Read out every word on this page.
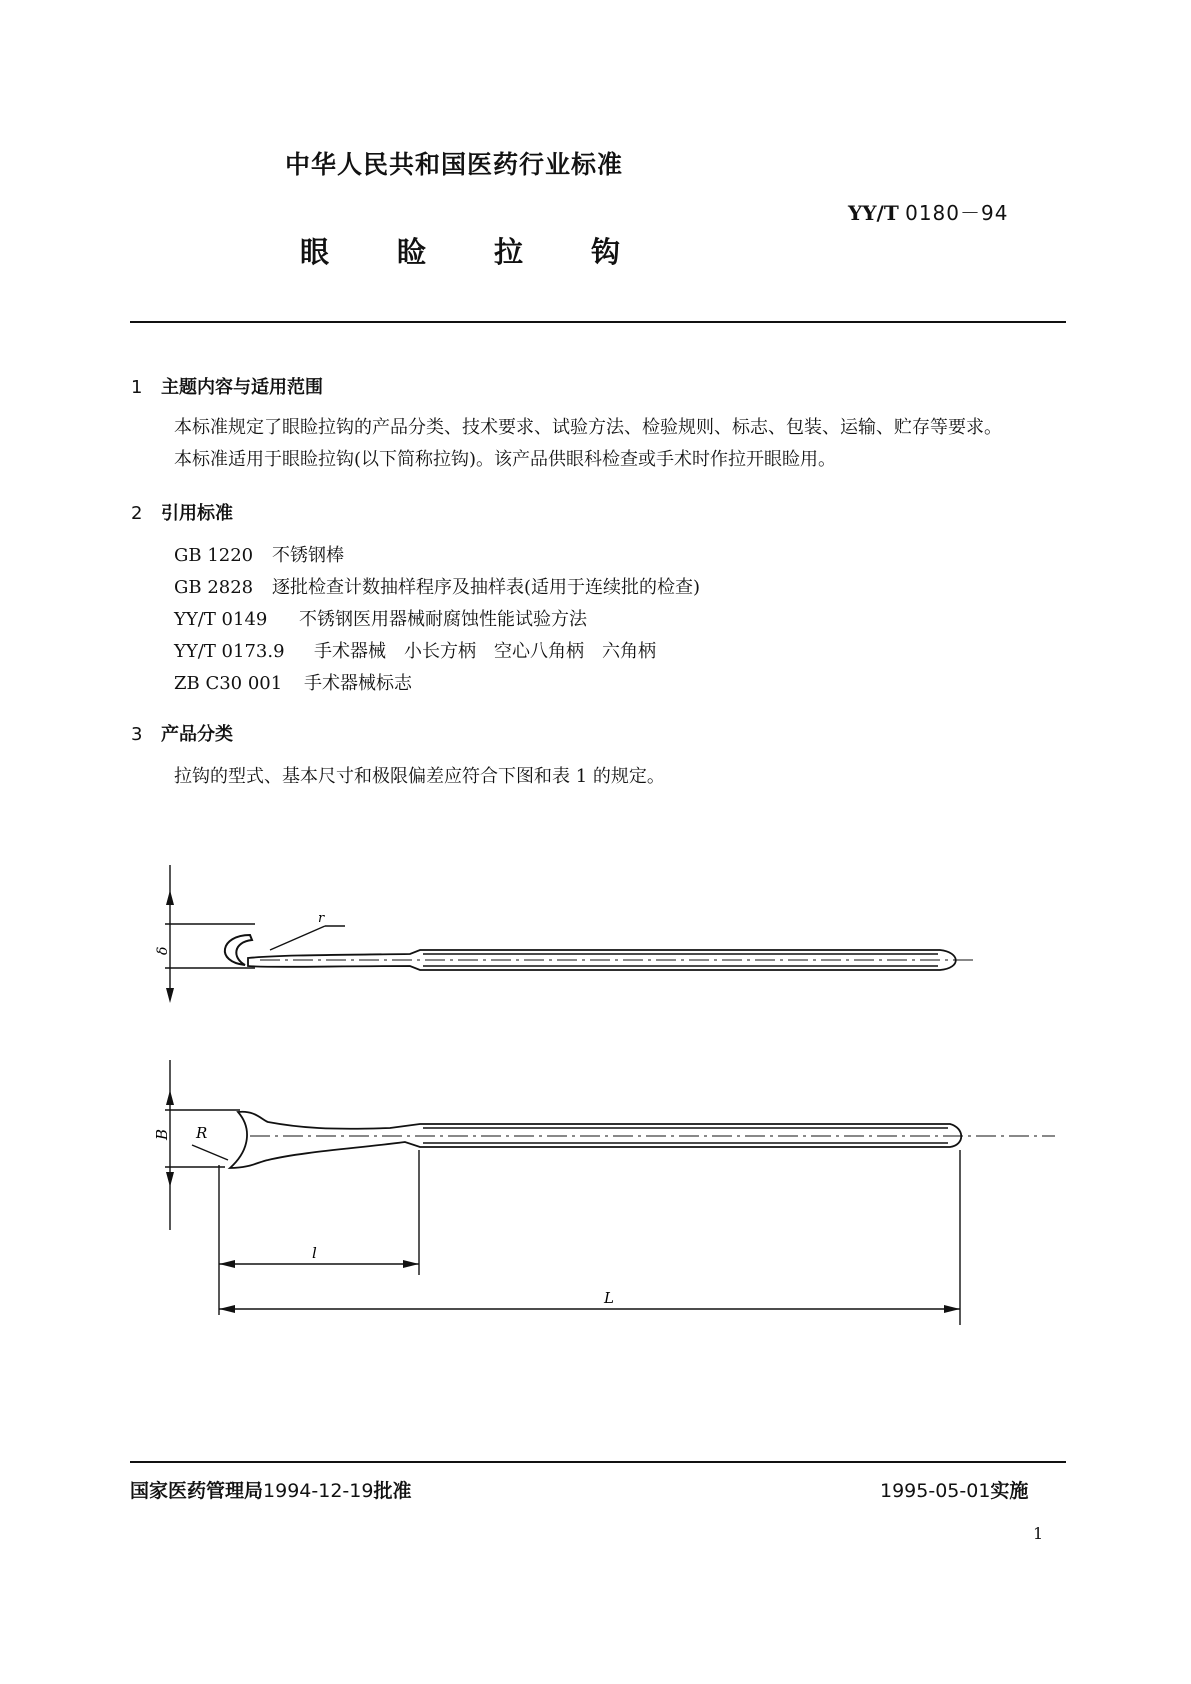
中华人民共和国医药行业标准
YY/T 0180－94
眼 睑 拉 钩
1 主题内容与适用范围
本标准规定了眼睑拉钩的产品分类、技术要求、试验方法、检验规则、标志、包装、运输、贮存等要求。
本标准适用于眼睑拉钩(以下简称拉钩)。该产品供眼科检查或手术时作拉开眼睑用。
2 引用标准
GB 1220 不锈钢棒
GB 2828 逐批检查计数抽样程序及抽样表(适用于连续批的检查)
YY/T 0149 不锈钢医用器械耐腐蚀性能试验方法
YY/T 0173.9 手术器械　小长方柄　空心八角柄　六角柄
ZB C30 001 手术器械标志
3 产品分类
拉钩的型式、基本尺寸和极限偏差应符合下图和表 1 的规定。
r
δ
B R
l
L
国家医药管理局1994-12-19批准	1995-05-01实施
1
